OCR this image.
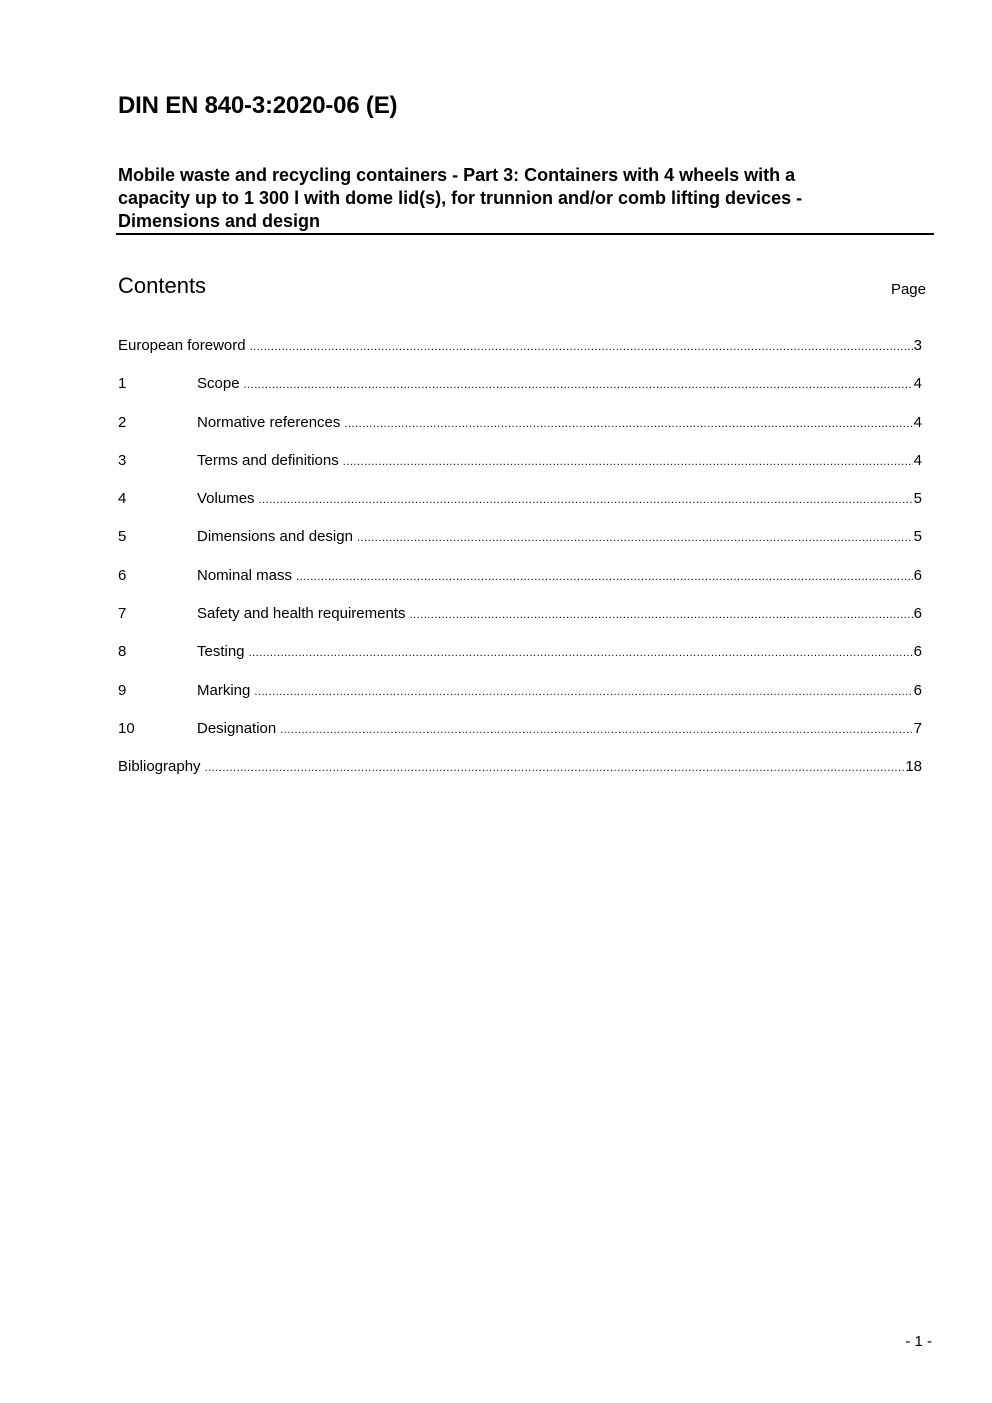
DIN EN 840-3:2020-06 (E)
Mobile waste and recycling containers - Part 3: Containers with 4 wheels with a
capacity up to 1 300 l with dome lid(s), for trunnion and/or comb lifting devices -
Dimensions and design
Contents	Page
European foreword .....	3
1	Scope .....	4
2	Normative references .....	4
3	Terms and definitions .....	4
4	Volumes .....	5
5	Dimensions and design .....	5
6	Nominal mass .....	6
7	Safety and health requirements .....	6
8	Testing .....	6
9	Marking .....	6
10	Designation .....	7
Bibliography .....	18
- 1 -
